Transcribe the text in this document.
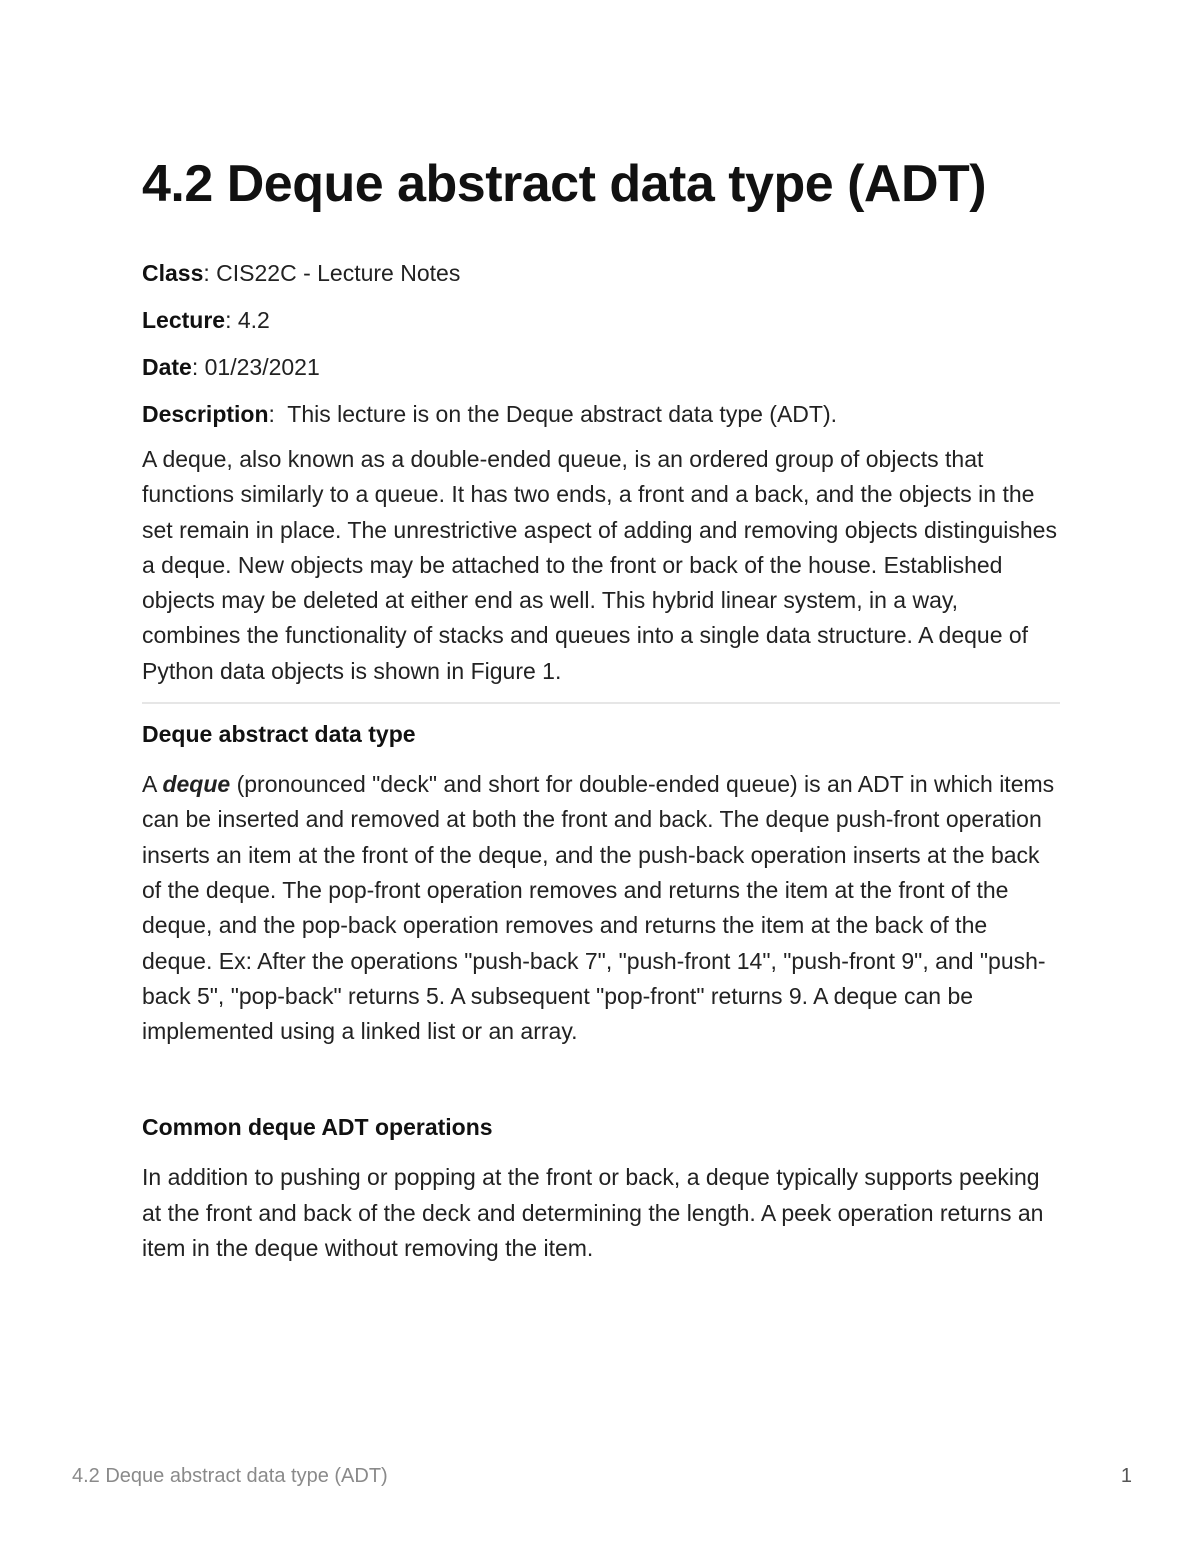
4.2 Deque abstract data type (ADT)

Class: CIS22C - Lecture Notes

Lecture: 4.2

Date: 01/23/2021

Description:  This lecture is on the Deque abstract data type (ADT).

A deque, also known as a double-ended queue, is an ordered group of objects that functions similarly to a queue. It has two ends, a front and a back, and the objects in the set remain in place. The unrestrictive aspect of adding and removing objects distinguishes a deque. New objects may be attached to the front or back of the house. Established objects may be deleted at either end as well. This hybrid linear system, in a way, combines the functionality of stacks and queues into a single data structure. A deque of Python data objects is shown in Figure 1.

Deque abstract data type

A deque (pronounced "deck" and short for double-ended queue) is an ADT in which items can be inserted and removed at both the front and back. The deque push-front operation inserts an item at the front of the deque, and the push-back operation inserts at the back of the deque. The pop-front operation removes and returns the item at the front of the deque, and the pop-back operation removes and returns the item at the back of the deque. Ex: After the operations "push-back 7", "push-front 14", "push-front 9", and "push-back 5", "pop-back" returns 5. A subsequent "pop-front" returns 9. A deque can be implemented using a linked list or an array.

Common deque ADT operations

In addition to pushing or popping at the front or back, a deque typically supports peeking at the front and back of the deck and determining the length. A peek operation returns an item in the deque without removing the item.

4.2 Deque abstract data type (ADT)	1
